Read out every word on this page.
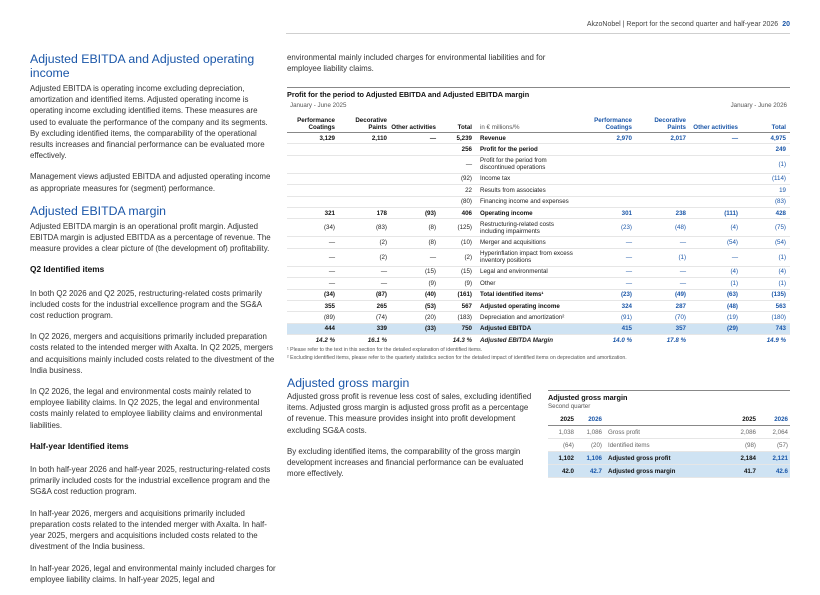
AkzoNobel | Report for the second quarter and half-year 2026 20
Adjusted EBITDA and Adjusted operating income

Adjusted EBITDA is operating income excluding depreciation, amortization and identified items. Adjusted operating income is operating income excluding identified items. These measures are used to evaluate the performance of the company and its segments. By excluding identified items, the comparability of the operational results increases and financial performance can be evaluated more effectively.

Management views adjusted EBITDA and adjusted operating income as appropriate measures for (segment) performance.

Adjusted EBITDA margin

Adjusted EBITDA margin is an operational profit margin. Adjusted EBITDA margin is adjusted EBITDA as a percentage of revenue. The measure provides a clear picture of (the development of) profitability.

Q2 Identified items

In both Q2 2026 and Q2 2025, restructuring-related costs primarily included costs for the industrial excellence program and the SG&A cost reduction program.

In Q2 2026, mergers and acquisitions primarily included preparation costs related to the intended merger with Axalta. In Q2 2025, mergers and acquisitions mainly included costs related to the divestment of the India business.

In Q2 2026, the legal and environmental costs mainly related to employee liability claims. In Q2 2025, the legal and environmental costs mainly related to employee liability claims and environmental liabilities.

Half-year Identified items

In both half-year 2026 and half-year 2025, restructuring-related costs primarily included costs for the industrial excellence program and the SG&A cost reduction program.

In half-year 2026, mergers and acquisitions primarily included preparation costs related to the intended merger with Axalta. In half-year 2025, mergers and acquisitions included costs related to the divestment of the India business.

In half-year 2026, legal and environmental mainly included charges for employee liability claims. In half-year 2025, legal and

environmental mainly included charges for environmental liabilities and for employee liability claims.
Profit for the period to Adjusted EBITDA and Adjusted EBITDA margin
January - June 2025	January - June 2026
Performance Coatings	Decorative Paints	Other activities	Total	in € millions/%	Performance Coatings	Decorative Paints	Other activities	Total
3,129	2,110	—	5,239	Revenue	2,970	2,017	—	4,975
			256	Profit for the period				249
			—	Profit for the period from discontinued operations				(1)
			(92)	Income tax				(114)
			22	Results from associates				19
			(80)	Financing income and expenses				(83)
321	178	(93)	406	Operating income	301	238	(111)	428
(34)	(83)	(8)	(125)	Restructuring-related costs including impairments	(23)	(48)	(4)	(75)
—	(2)	(8)	(10)	Merger and acquisitions	—	—	(54)	(54)
—	(2)	—	(2)	Hyperinflation impact from excess inventory positions	—	(1)	—	(1)
—	—	(15)	(15)	Legal and environmental	—	—	(4)	(4)
—	—	(9)	(9)	Other	—	—	(1)	(1)
(34)	(87)	(40)	(161)	Total identified items¹	(23)	(49)	(63)	(135)
355	265	(53)	567	Adjusted operating income	324	287	(48)	563
(89)	(74)	(20)	(183)	Depreciation and amortization²	(91)	(70)	(19)	(180)
444	339	(33)	750	Adjusted EBITDA	415	357	(29)	743
14.2 %	16.1 %		14.3 %	Adjusted EBITDA Margin	14.0 %	17.8 %		14.9 %
¹ Please refer to the text in this section for the detailed explanation of identified items.
² Excluding identified items, please refer to the quarterly statistics section for the detailed impact of identified items on depreciation and amortization.
Adjusted gross margin

Adjusted gross profit is revenue less cost of sales, excluding identified items. Adjusted gross margin is adjusted gross profit as a percentage of revenue. This measure provides insight into profit development excluding SG&A costs.

By excluding identified items, the comparability of the gross margin development increases and financial performance can be evaluated more effectively.

Adjusted gross margin
Second quarter
2025	2026		2025	2026
1,038	1,086	Gross profit	2,086	2,064
(64)	(20)	Identified items	(98)	(57)
1,102	1,106	Adjusted gross profit	2,184	2,121
42.0	42.7	Adjusted gross margin	41.7	42.6
